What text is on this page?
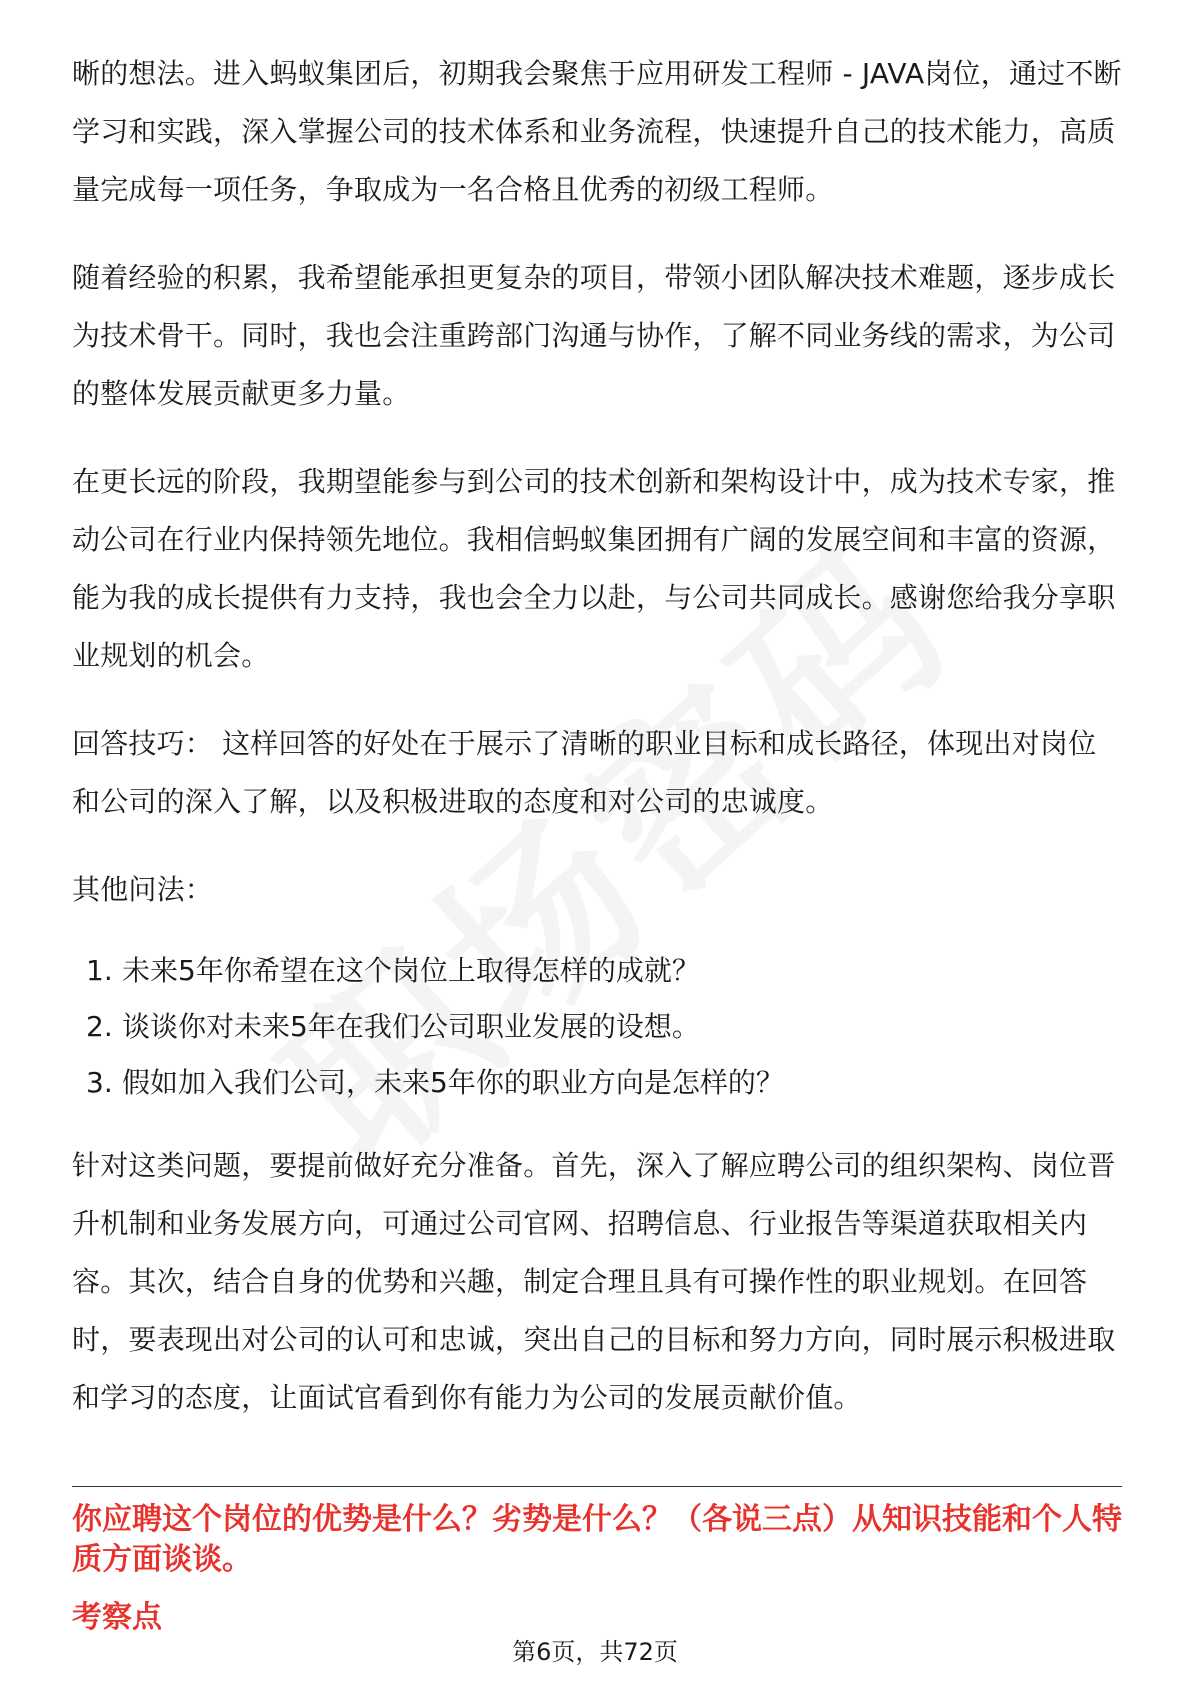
晰的想法。进入蚂蚁集团后，初期我会聚焦于应用研发工程师 - JAVA岗位，通过不断学习和实践，深入掌握公司的技术体系和业务流程，快速提升自己的技术能力，高质量完成每一项任务，争取成为一名合格且优秀的初级工程师。

随着经验的积累，我希望能承担更复杂的项目，带领小团队解决技术难题，逐步成长为技术骨干。同时，我也会注重跨部门沟通与协作，了解不同业务线的需求，为公司的整体发展贡献更多力量。

在更长远的阶段，我期望能参与到公司的技术创新和架构设计中，成为技术专家，推动公司在行业内保持领先地位。我相信蚂蚁集团拥有广阔的发展空间和丰富的资源，能为我的成长提供有力支持，我也会全力以赴，与公司共同成长。感谢您给我分享职业规划的机会。

回答技巧： 这样回答的好处在于展示了清晰的职业目标和成长路径，体现出对岗位和公司的深入了解，以及积极进取的态度和对公司的忠诚度。

其他问法：

1. 未来5年你希望在这个岗位上取得怎样的成就？
2. 谈谈你对未来5年在我们公司职业发展的设想。
3. 假如加入我们公司，未来5年你的职业方向是怎样的？

针对这类问题，要提前做好充分准备。首先，深入了解应聘公司的组织架构、岗位晋升机制和业务发展方向，可通过公司官网、招聘信息、行业报告等渠道获取相关内容。其次，结合自身的优势和兴趣，制定合理且具有可操作性的职业规划。在回答时，要表现出对公司的认可和忠诚，突出自己的目标和努力方向，同时展示积极进取和学习的态度，让面试官看到你有能力为公司的发展贡献价值。

你应聘这个岗位的优势是什么？劣势是什么？（各说三点）从知识技能和个人特质方面谈谈。

考察点

第6页，共72页
